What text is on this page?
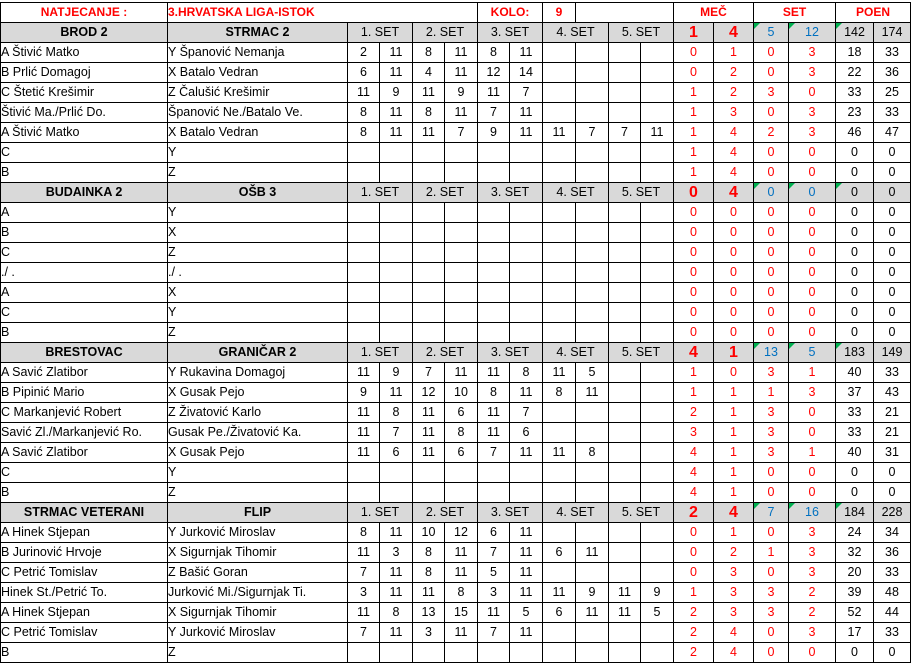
NATJECANJE :	3.HRVATSKA LIGA-ISTOK					KOLO:		9				MEČ		SET		POEN	
BROD 2	STRMAC 2	1. SET		2. SET		3. SET		4. SET		5. SET		1	4	5	12	142	174
A Štivić Matko	Y Španović Nemanja	2	11	8	11	8	11					0	1	0	3	18	33
B Prlić Domagoj	X Batalo Vedran	6	11	4	11	12	14					0	2	0	3	22	36
C Štetić Krešimir	Z Čalušić Krešimir	11	9	11	9	11	7					1	2	3	0	33	25
Štivić Ma./Prlić Do.	Španović Ne./Batalo Ve.	8	11	8	11	7	11					1	3	0	3	23	33
A Štivić Matko	X Batalo Vedran	8	11	11	7	9	11	11	7	7	11	1	4	2	3	46	47
C	Y											1	4	0	0	0	0
B	Z											1	4	0	0	0	0
BUDAINKA 2	OŠB 3	1. SET		2. SET		3. SET		4. SET		5. SET		0	4	0	0	0	0
A	Y											0	0	0	0	0	0
B	X											0	0	0	0	0	0
C	Z											0	0	0	0	0	0
./ .	./ .											0	0	0	0	0	0
A	X											0	0	0	0	0	0
C	Y											0	0	0	0	0	0
B	Z											0	0	0	0	0	0
BRESTOVAC	GRANIČAR 2	1. SET		2. SET		3. SET		4. SET		5. SET		4	1	13	5	183	149
A Savić Zlatibor	Y Rukavina Domagoj	11	9	7	11	11	8	11	5			1	0	3	1	40	33
B Pipinić Mario	X Gusak Pejo	9	11	12	10	8	11	8	11			1	1	1	3	37	43
C Markanjević Robert	Z Živatović Karlo	11	8	11	6	11	7					2	1	3	0	33	21
Savić Zl./Markanjević Ro.	Gusak Pe./Živatović Ka.	11	7	11	8	11	6					3	1	3	0	33	21
A Savić Zlatibor	X Gusak Pejo	11	6	11	6	7	11	11	8			4	1	3	1	40	31
C	Y											4	1	0	0	0	0
B	Z											4	1	0	0	0	0
STRMAC VETERANI	FLIP	1. SET		2. SET		3. SET		4. SET		5. SET		2	4	7	16	184	228
A Hinek Stjepan	Y Jurković Miroslav	8	11	10	12	6	11					0	1	0	3	24	34
B Jurinović Hrvoje	X Sigurnjak Tihomir	11	3	8	11	7	11	6	11			0	2	1	3	32	36
C Petrić Tomislav	Z Bašić Goran	7	11	8	11	5	11					0	3	0	3	20	33
Hinek St./Petrić To.	Jurković Mi./Sigurnjak Ti.	3	11	11	8	3	11	11	9	11	9	1	3	3	2	39	48
A Hinek Stjepan	X Sigurnjak Tihomir	11	8	13	15	11	5	6	11	11	5	2	3	3	2	52	44
C Petrić Tomislav	Y Jurković Miroslav	7	11	3	11	7	11					2	4	0	3	17	33
B	Z											2	4	0	0	0	0
